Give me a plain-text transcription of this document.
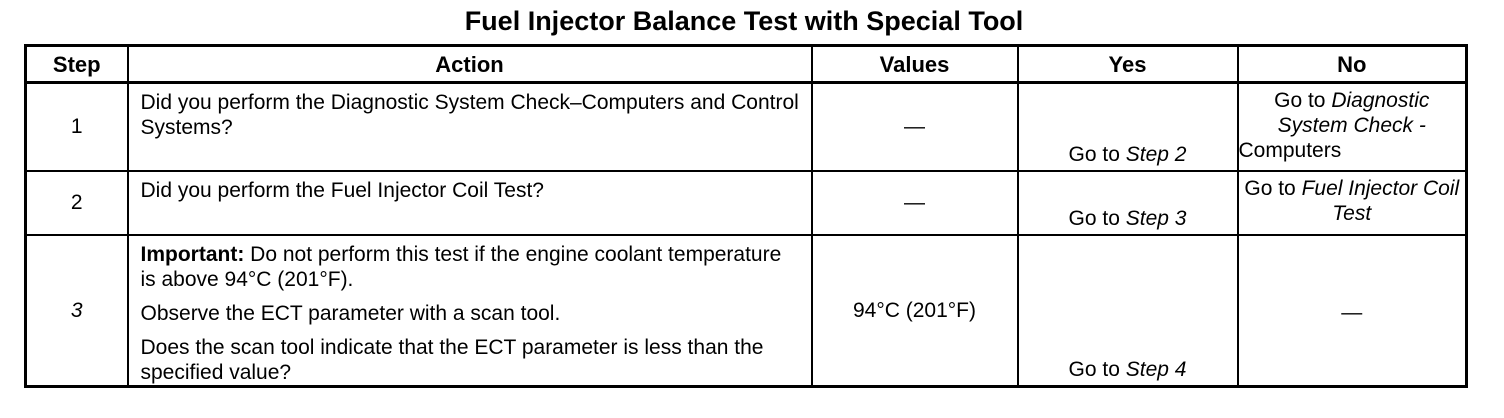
Fuel Injector Balance Test with Special Tool
Step	Action	Values	Yes	No
1	Did you perform the Diagnostic System Check–Computers and Control Systems?	—	Go to Step 2	Go to Diagnostic System Check -

Computers

2	Did you perform the Fuel Injector Coil Test?	—	Go to Step 3	Go to Fuel Injector Coil Test
3	Important: Do not perform this test if the engine coolant temperature is above 94°C (201°F).

Observe the ECT parameter with a scan tool.

Does the scan tool indicate that the ECT parameter is less than the specified value?	94°C (201°F)	Go to Step 4	—
